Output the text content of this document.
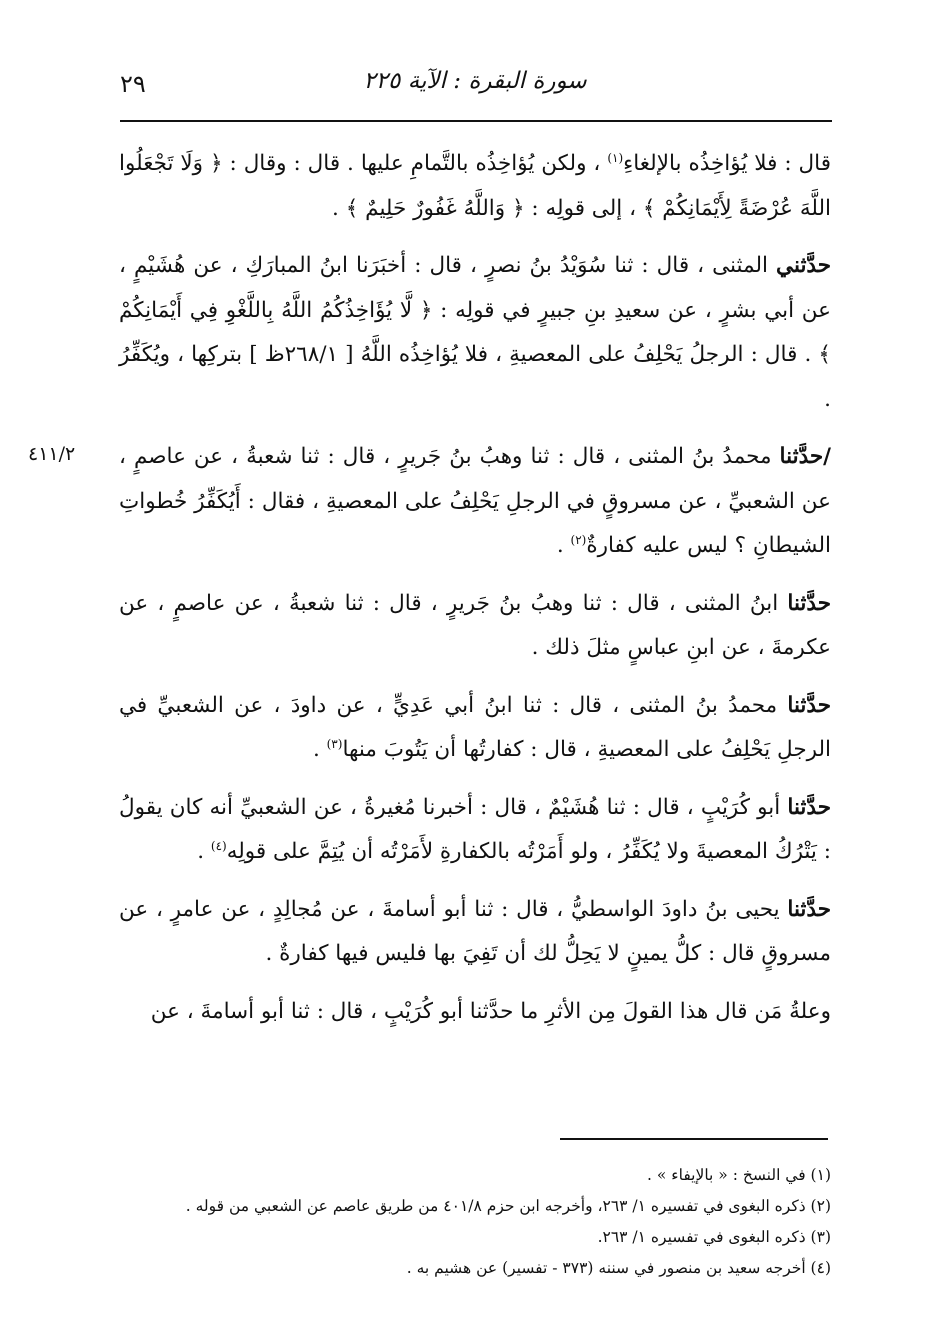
٢٩	سورة البقرة : الآية ٢٢٥
٤١١/٢

قال : فلا يُؤاخِذُه بالإلغاءِ$^{(١)}$ ، ولكن يُؤاخِذُه بالتَّمامِ عليها . قال : وقال : ﴿ وَلَا تَجْعَلُوا اللَّهَ عُرْضَةً لِأَيْمَانِكُمْ ﴾ ، إلى قولِه : ﴿ وَاللَّهُ غَفُورٌ حَلِيمٌ ﴾ .

حدَّثني المثنى ، قال : ثنا سُوَيْدُ بنُ نصرٍ ، قال : أخبَرَنا ابنُ المبارَكِ ، عن هُشَيْمٍ ، عن أبي بشرٍ ، عن سعيدِ بنِ جبيرٍ في قولِه : ﴿ لَّا يُؤَاخِذُكُمُ اللَّهُ بِاللَّغْوِ فِي أَيْمَانِكُمْ ﴾ . قال : الرجلُ يَحْلِفُ على المعصيةِ ، فلا يُؤاخِذُه اللَّهُ [ ٢٦٨/١ظ ] بتركِها ، ويُكَفِّرُ .

/حدَّثنا محمدُ بنُ المثنى ، قال : ثنا وهبُ بنُ جَريرٍ ، قال : ثنا شعبةُ ، عن عاصمٍ ، عن الشعبيِّ ، عن مسروقٍ في الرجلِ يَحْلِفُ على المعصيةِ ، فقال : أَيُكَفِّرُ خُطواتِ الشيطانِ ؟ ليس عليه كفارةٌ$^{(٢)}$ .

حدَّثنا ابنُ المثنى ، قال : ثنا وهبُ بنُ جَريرٍ ، قال : ثنا شعبةُ ، عن عاصمٍ ، عن عكرمةَ ، عن ابنِ عباسٍ مثلَ ذلك .

حدَّثنا محمدُ بنُ المثنى ، قال : ثنا ابنُ أبي عَدِيٍّ ، عن داودَ ، عن الشعبيِّ في الرجلِ يَحْلِفُ على المعصيةِ ، قال : كفارتُها أن يَتُوبَ منها$^{(٣)}$ .

حدَّثنا أبو كُرَيْبٍ ، قال : ثنا هُشَيْمٌ ، قال : أخبرنا مُغيرةُ ، عن الشعبيِّ أنه كان يقولُ : يَتْرُكُ المعصيةَ ولا يُكَفِّرُ ، ولو أَمَرْتُه بالكفارةِ لأَمَرْتُه أن يُتِمَّ على قولِه$^{(٤)}$ .

حدَّثنا يحيى بنُ داودَ الواسطيُّ ، قال : ثنا أبو أسامةَ ، عن مُجالِدٍ ، عن عامرٍ ، عن مسروقٍ قال : كلُّ يمينٍ لا يَحِلُّ لك أن تَفِيَ بها فليس فيها كفارةٌ .

وعلةُ مَن قال هذا القولَ مِن الأثرِ ما حدَّثنا أبو كُرَيْبٍ ، قال : ثنا أبو أسامةَ ، عن

(١) في النسخ : « بالإيفاء » .

(٢) ذكره البغوى في تفسيره ١/ ٢٦٣، وأخرجه ابن حزم ٤٠١/٨ من طريق عاصم عن الشعبي من قوله .

(٣) ذكره البغوى في تفسيره ١/ ٢٦٣.

(٤) أخرجه سعيد بن منصور في سننه (٣٧٣ - تفسير) عن هشيم به .
